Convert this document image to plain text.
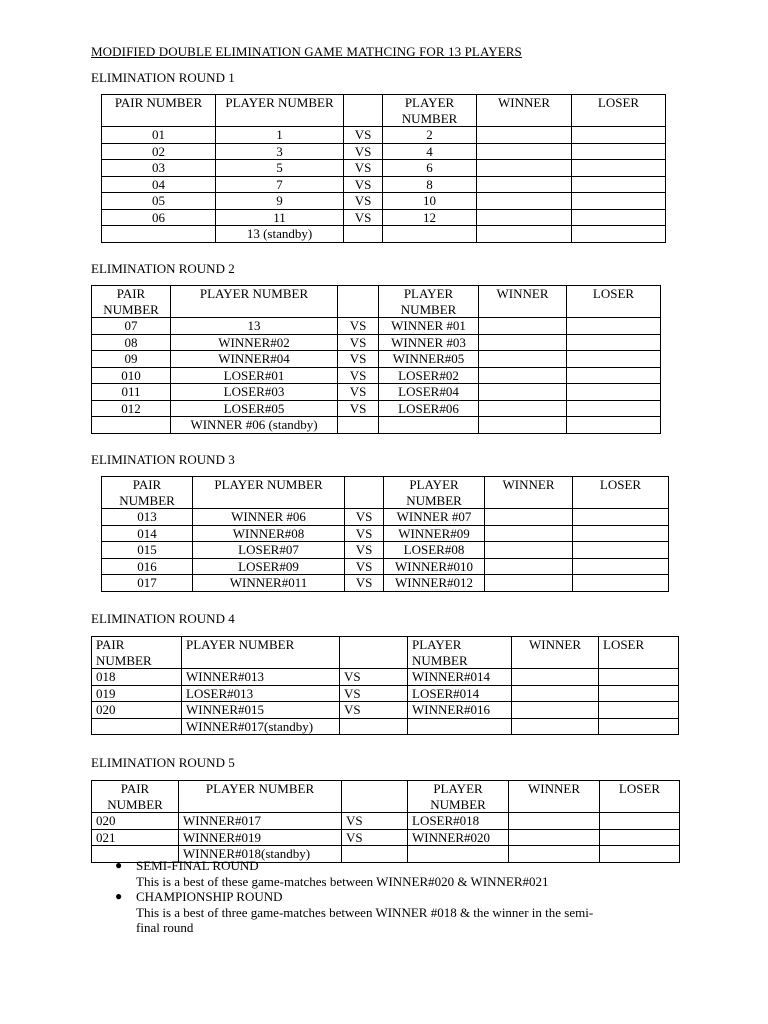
MODIFIED DOUBLE ELIMINATION GAME MATHCING FOR 13 PLAYERS
ELIMINATION ROUND 1
PAIR NUMBER	PLAYER NUMBER		PLAYER NUMBER	WINNER	LOSER
01	1	VS	2		
02	3	VS	4		
03	5	VS	6		
04	7	VS	8		
05	9	VS	10		
06	11	VS	12		
	13 (standby)				
ELIMINATION ROUND 2
PAIR NUMBER	PLAYER NUMBER		PLAYER NUMBER	WINNER	LOSER
07	13	VS	WINNER #01		
08	WINNER#02	VS	WINNER #03		
09	WINNER#04	VS	WINNER#05		
010	LOSER#01	VS	LOSER#02		
011	LOSER#03	VS	LOSER#04		
012	LOSER#05	VS	LOSER#06		
	WINNER #06 (standby)				
ELIMINATION ROUND 3
PAIR NUMBER	PLAYER NUMBER		PLAYER NUMBER	WINNER	LOSER
013	WINNER #06	VS	WINNER #07		
014	WINNER#08	VS	WINNER#09		
015	LOSER#07	VS	LOSER#08		
016	LOSER#09	VS	WINNER#010		
017	WINNER#011	VS	WINNER#012		
ELIMINATION ROUND 4
PAIR NUMBER	PLAYER NUMBER		PLAYER NUMBER	WINNER	LOSER
018	WINNER#013	VS	WINNER#014		
019	LOSER#013	VS	LOSER#014		
020	WINNER#015	VS	WINNER#016		
	WINNER#017(standby)				
ELIMINATION ROUND 5
PAIR NUMBER	PLAYER NUMBER		PLAYER NUMBER	WINNER	LOSER
020	WINNER#017	VS	LOSER#018		
021	WINNER#019	VS	WINNER#020		
	WINNER#018(standby)				
● SEMI-FINAL ROUND
This is a best of these game-matches between WINNER#020 & WINNER#021
● CHAMPIONSHIP ROUND
This is a best of three game-matches between WINNER #018 & the winner in the semi-
final round
